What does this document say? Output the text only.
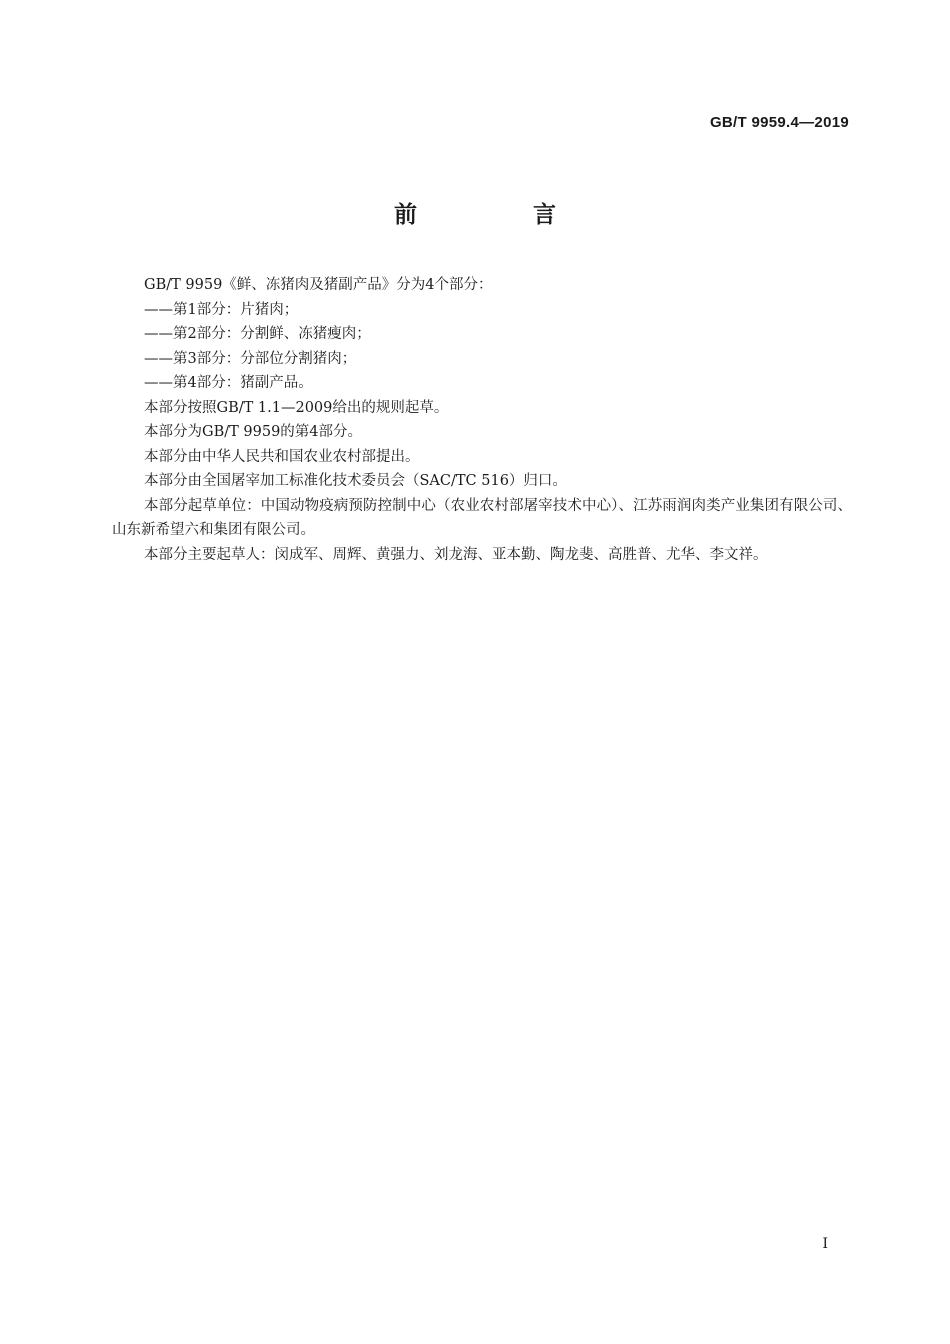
GB/T 9959.4—2019
前 言

GB/T 9959《鲜、冻猪肉及猪副产品》分为4个部分：

——第1部分：片猪肉；

——第2部分：分割鲜、冻猪瘦肉；

——第3部分：分部位分割猪肉；

——第4部分：猪副产品。

本部分按照GB/T 1.1—2009给出的规则起草。

本部分为GB/T 9959的第4部分。

本部分由中华人民共和国农业农村部提出。

本部分由全国屠宰加工标准化技术委员会（SAC/TC 516）归口。

本部分起草单位：中国动物疫病预防控制中心（农业农村部屠宰技术中心）、江苏雨润肉类产业集团有限公司、山东新希望六和集团有限公司。

本部分主要起草人：闵成军、周辉、黄强力、刘龙海、亚本勤、陶龙斐、高胜普、尤华、李文祥。

I
